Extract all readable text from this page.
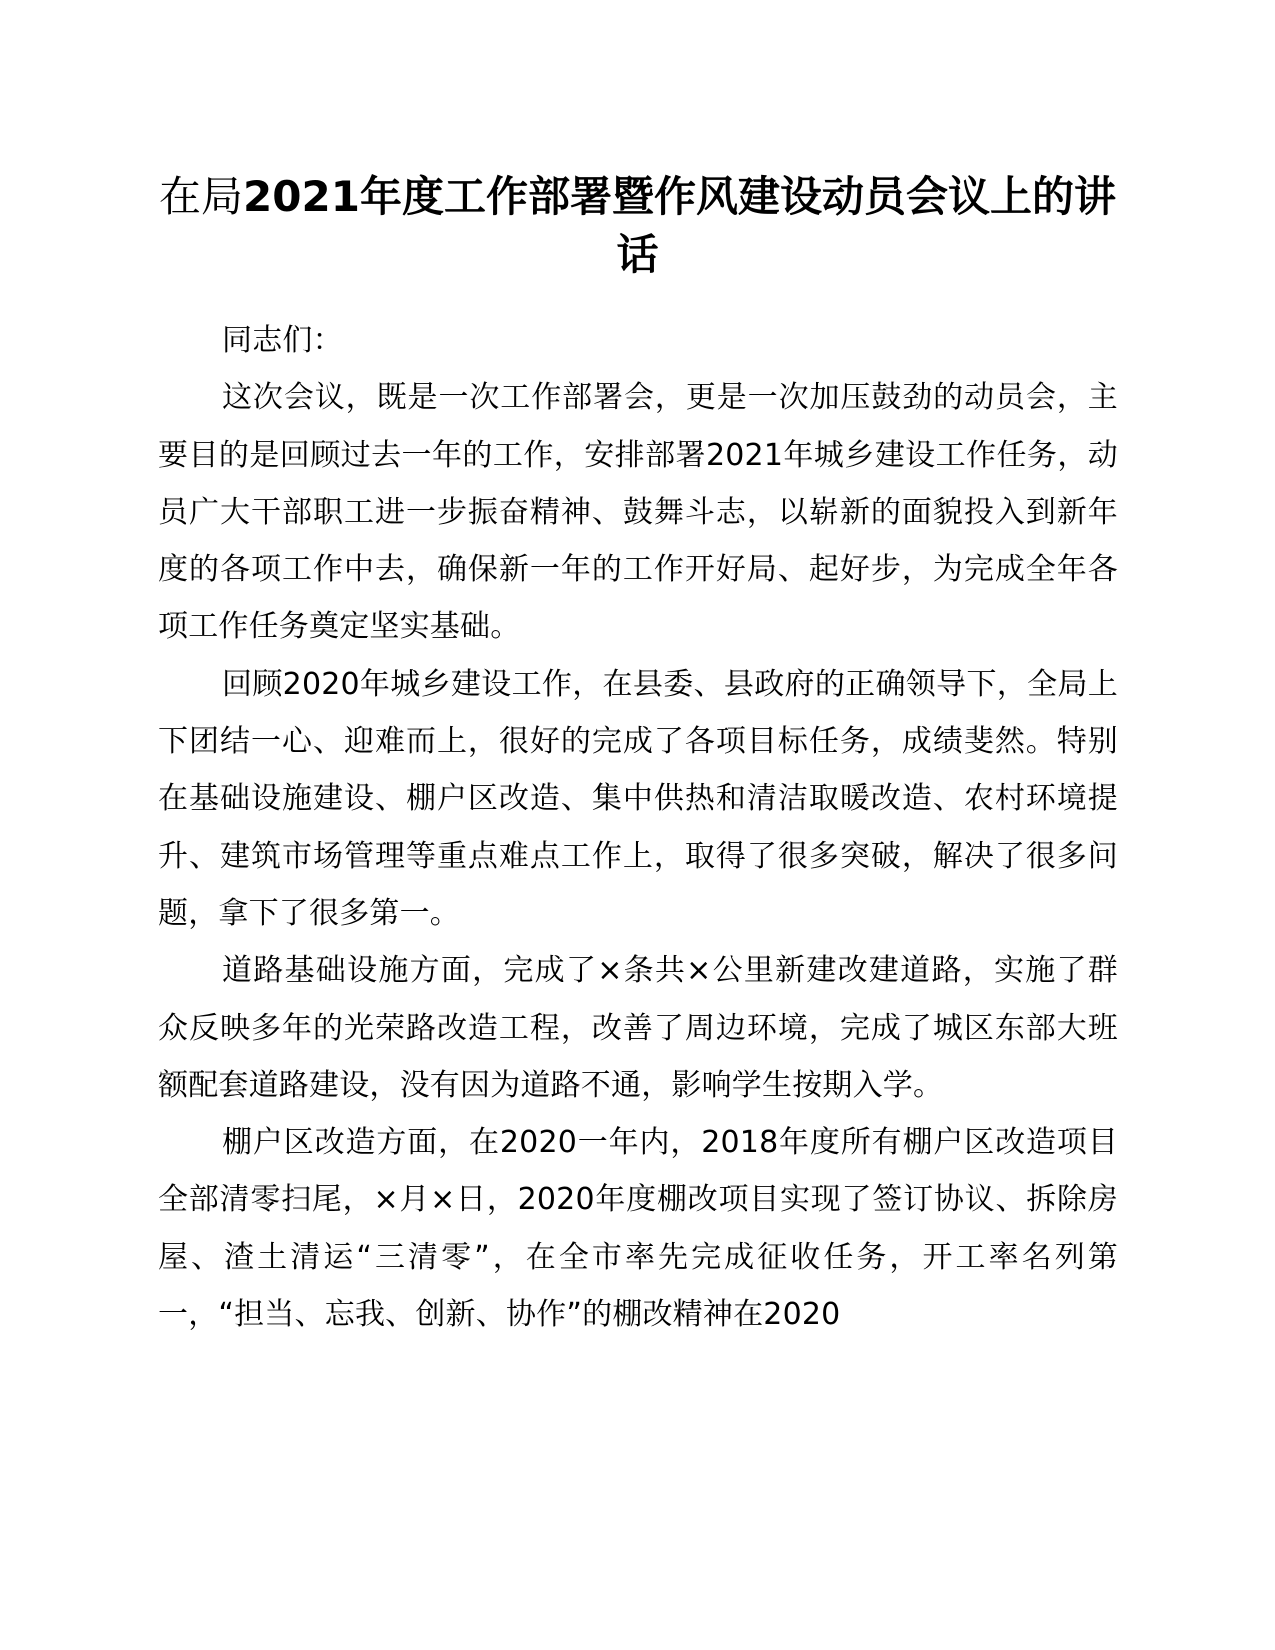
在局2021年度工作部署暨作风建设动员会议上的讲话

同志们：

这次会议，既是一次工作部署会，更是一次加压鼓劲的动员会，主要目的是回顾过去一年的工作，安排部署2021年城乡建设工作任务，动员广大干部职工进一步振奋精神、鼓舞斗志，以崭新的面貌投入到新年度的各项工作中去，确保新一年的工作开好局、起好步，为完成全年各项工作任务奠定坚实基础。

回顾2020年城乡建设工作，在县委、县政府的正确领导下，全局上下团结一心、迎难而上，很好的完成了各项目标任务，成绩斐然。特别在基础设施建设、棚户区改造、集中供热和清洁取暖改造、农村环境提升、建筑市场管理等重点难点工作上，取得了很多突破，解决了很多问题，拿下了很多第一。

道路基础设施方面，完成了×条共×公里新建改建道路，实施了群众反映多年的光荣路改造工程，改善了周边环境，完成了城区东部大班额配套道路建设，没有因为道路不通，影响学生按期入学。

棚户区改造方面，在2020一年内，2018年度所有棚户区改造项目全部清零扫尾，×月×日，2020年度棚改项目实现了签订协议、拆除房屋、渣土清运“三清零”，在全市率先完成征收任务，开工率名列第一，“担当、忘我、创新、协作”的棚改精神在2020
